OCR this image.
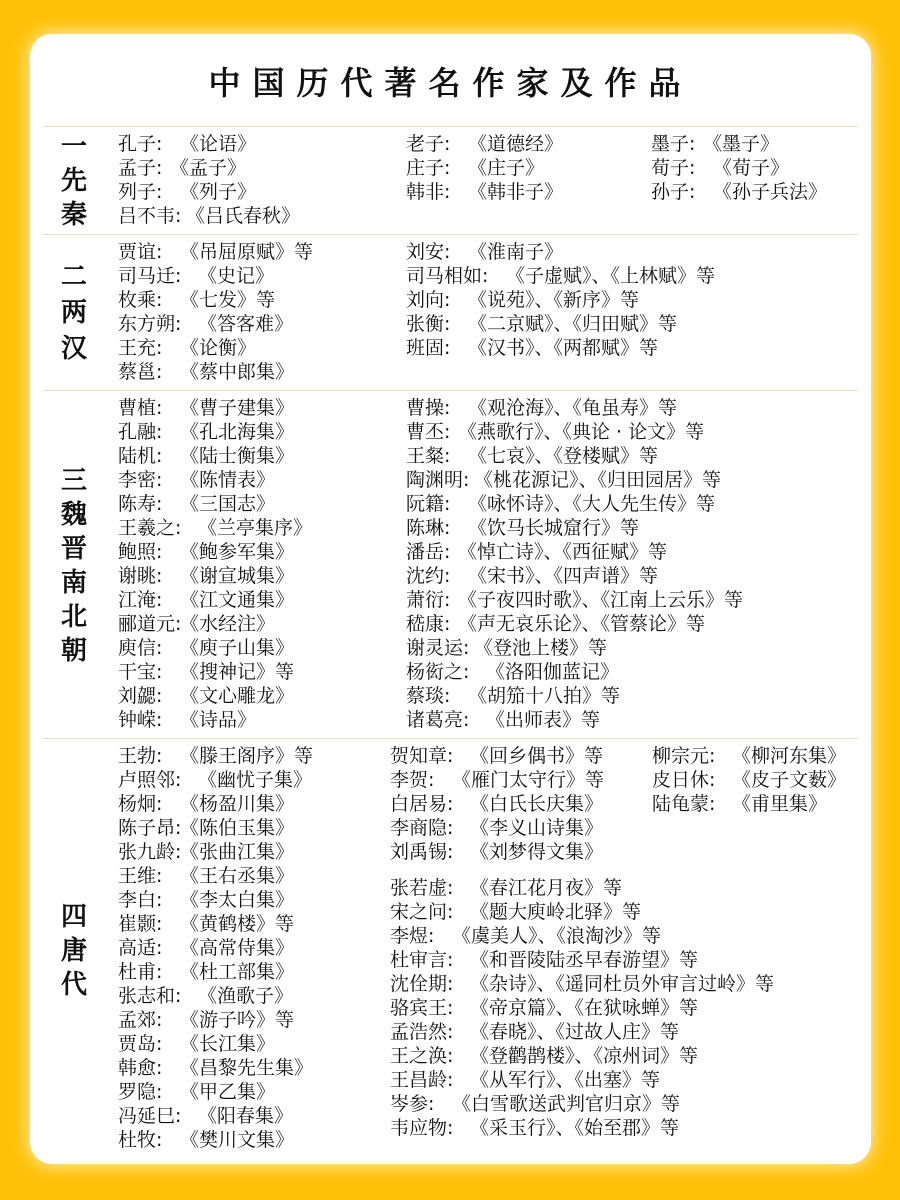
中国历代著名作家及作品
一
先
秦
孔子: 《论语》
孟子: 《孟子》
列子: 《列子》
吕不韦: 《吕氏春秋》
老子: 《道德经》
庄子: 《庄子》
韩非: 《韩非子》
墨子: 《墨子》
荀子: 《荀子》
孙子: 《孙子兵法》
二
两
汉
贾谊: 《吊屈原赋》等
司马迁: 《史记》
枚乘: 《七发》等
东方朔: 《答客难》
王充: 《论衡》
蔡邕: 《蔡中郎集》
刘安: 《淮南子》
司马相如: 《子虚赋》、《上林赋》等
刘向: 《说苑》、《新序》等
张衡: 《二京赋》、《归田赋》等
班固: 《汉书》、《两都赋》等
三
魏
晋
南
北
朝
曹植: 《曹子建集》
孔融: 《孔北海集》
陆机: 《陆士衡集》
李密: 《陈情表》
陈寿: 《三国志》
王羲之: 《兰亭集序》
鲍照: 《鲍参军集》
谢眺: 《谢宣城集》
江淹: 《江文通集》
郦道元:《水经注》
庾信: 《庾子山集》
干宝: 《搜神记》等
刘勰: 《文心雕龙》
钟嵘: 《诗品》
曹操: 《观沧海》、《龟虽寿》等
曹丕: 《燕歌行》、《典论 · 论文》等
王粲: 《七哀》、《登楼赋》等
陶渊明: 《桃花源记》、《归田园居》等
阮籍: 《咏怀诗》、《大人先生传》等
陈琳: 《饮马长城窟行》等
潘岳: 《悼亡诗》、《西征赋》等
沈约: 《宋书》、《四声谱》等
萧衍: 《子夜四时歌》、《江南上云乐》等
嵇康: 《声无哀乐论》、《管蔡论》等
谢灵运: 《登池上楼》等
杨衒之: 《洛阳伽蓝记》
蔡琰: 《胡笳十八拍》等
诸葛亮: 《出师表》等
四
唐
代
王勃: 《滕王阁序》等
卢照邻: 《幽忧子集》
杨炯: 《杨盈川集》
陈子昂:《陈伯玉集》
张九龄:《张曲江集》
王维: 《王右丞集》
李白: 《李太白集》
崔颢: 《黄鹤楼》等
高适: 《高常侍集》
杜甫: 《杜工部集》
张志和: 《渔歌子》
孟郊: 《游子吟》等
贾岛: 《长江集》
韩愈: 《昌黎先生集》
罗隐: 《甲乙集》
冯延巳: 《阳春集》
杜牧: 《樊川文集》
贺知章: 《回乡偶书》等
李贺: 《雁门太守行》等
白居易: 《白氏长庆集》
李商隐: 《李义山诗集》
刘禹锡: 《刘梦得文集》
张若虚: 《春江花月夜》等
宋之问: 《题大庾岭北驿》等
李煜: 《虞美人》、《浪淘沙》等
杜审言: 《和晋陵陆丞早春游望》等
沈佺期: 《杂诗》、《遥同杜员外审言过岭》等
骆宾王: 《帝京篇》、《在狱咏蝉》等
孟浩然: 《春晓》、《过故人庄》等
王之涣: 《登鹳鹊楼》、《凉州词》等
王昌龄: 《从军行》、《出塞》等
岑参: 《白雪歌送武判官归京》等
韦应物: 《采玉行》、《始至郡》等
柳宗元: 《柳河东集》
皮日休: 《皮子文薮》
陆龟蒙: 《甫里集》
